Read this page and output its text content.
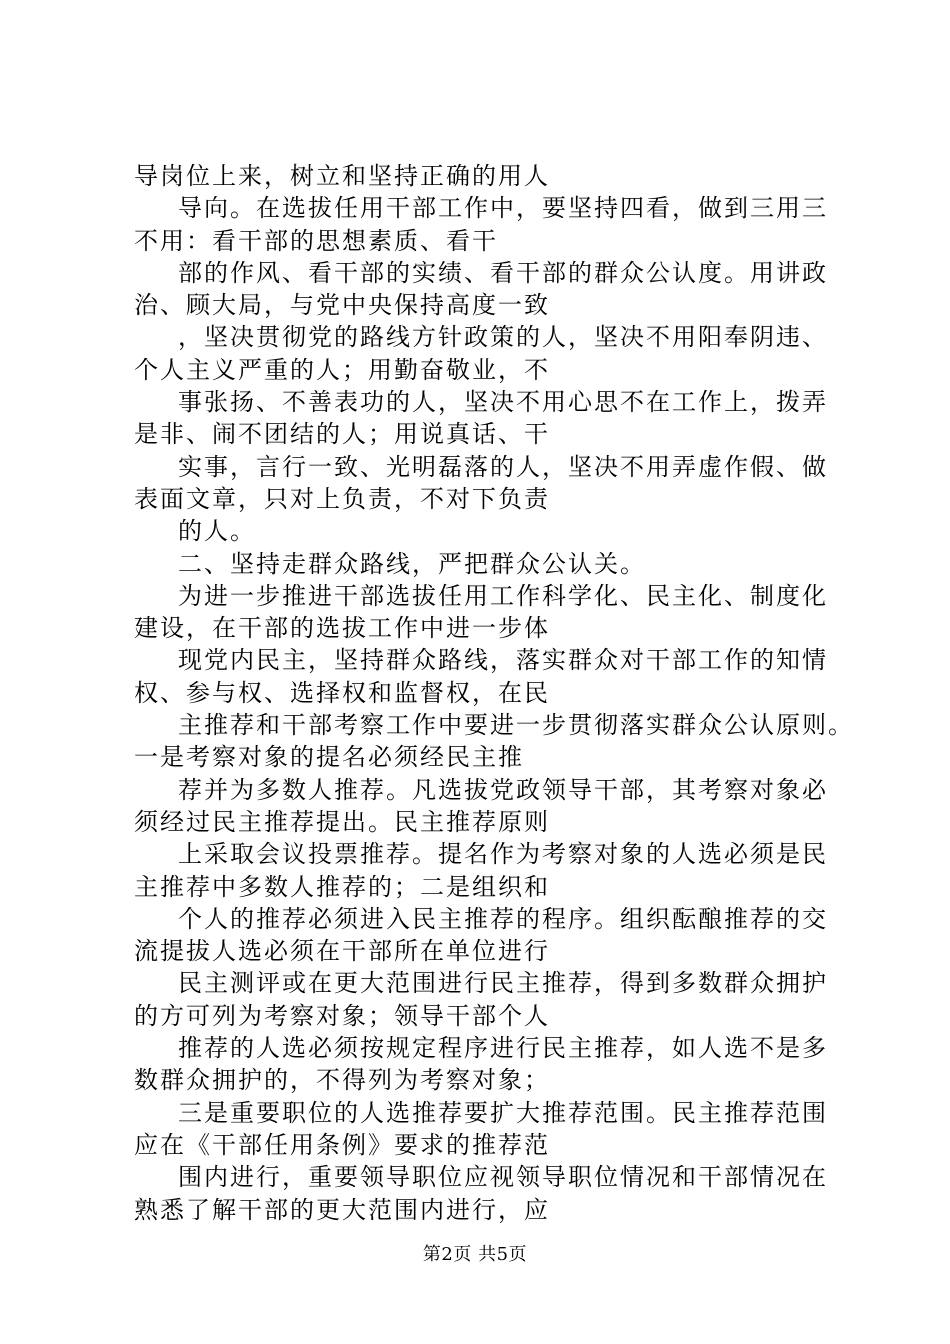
导岗位上来，树立和坚持正确的用人
导向。在选拔任用干部工作中，要坚持四看，做到三用三
不用：看干部的思想素质、看干
部的作风、看干部的实绩、看干部的群众公认度。用讲政
治、顾大局，与党中央保持高度一致
，坚决贯彻党的路线方针政策的人，坚决不用阳奉阴违、
个人主义严重的人；用勤奋敬业，不
事张扬、不善表功的人，坚决不用心思不在工作上，拨弄
是非、闹不团结的人；用说真话、干
实事，言行一致、光明磊落的人，坚决不用弄虚作假、做
表面文章，只对上负责，不对下负责
的人。
二、坚持走群众路线，严把群众公认关。
为进一步推进干部选拔任用工作科学化、民主化、制度化
建设，在干部的选拔工作中进一步体
现党内民主，坚持群众路线，落实群众对干部工作的知情
权、参与权、选择权和监督权，在民
主推荐和干部考察工作中要进一步贯彻落实群众公认原则。
一是考察对象的提名必须经民主推
荐并为多数人推荐。凡选拔党政领导干部，其考察对象必
须经过民主推荐提出。民主推荐原则
上采取会议投票推荐。提名作为考察对象的人选必须是民
主推荐中多数人推荐的；二是组织和
个人的推荐必须进入民主推荐的程序。组织酝酿推荐的交
流提拔人选必须在干部所在单位进行
民主测评或在更大范围进行民主推荐，得到多数群众拥护
的方可列为考察对象；领导干部个人
推荐的人选必须按规定程序进行民主推荐，如人选不是多
数群众拥护的，不得列为考察对象；
三是重要职位的人选推荐要扩大推荐范围。民主推荐范围
应在《干部任用条例》要求的推荐范
围内进行，重要领导职位应视领导职位情况和干部情况在
熟悉了解干部的更大范围内进行，应
第2页 共5页
